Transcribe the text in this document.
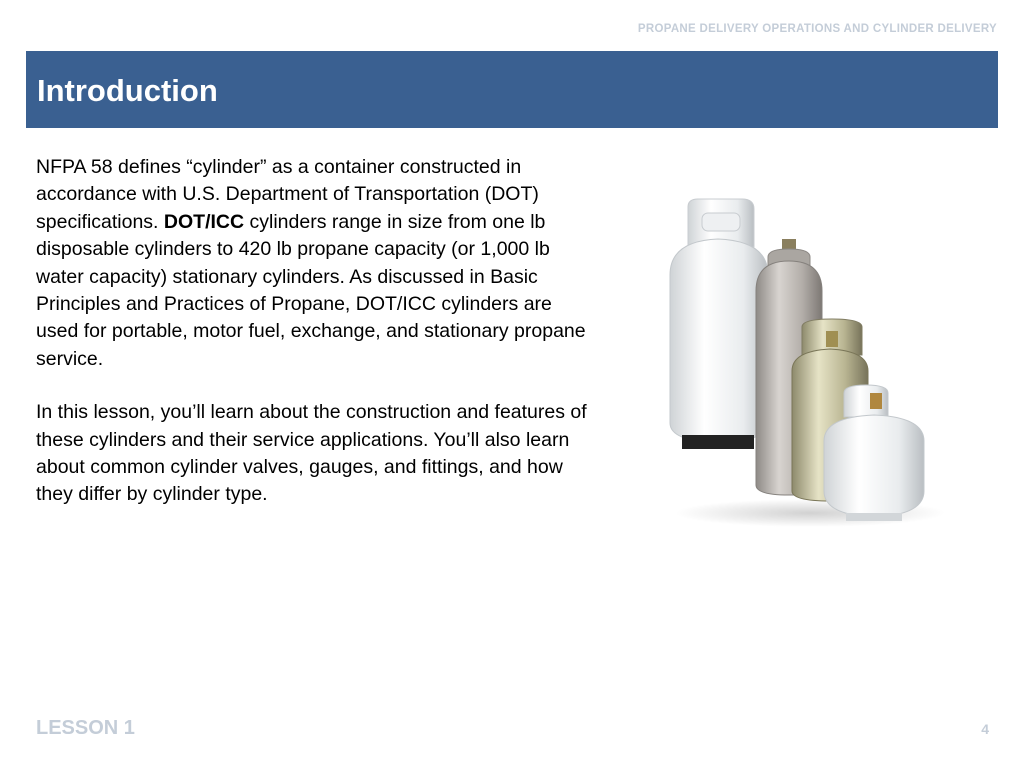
PROPANE DELIVERY OPERATIONS AND CYLINDER DELIVERY
Introduction

NFPA 58 defines “cylinder” as a container constructed in accordance with U.S. Department of Transportation (DOT) specifications. DOT/ICC cylinders range in size from one lb disposable cylinders to 420 lb propane capacity (or 1,000 lb water capacity) stationary cylinders. As discussed in Basic Principles and Practices of Propane, DOT/ICC cylinders are used for portable, motor fuel, exchange, and stationary propane service.

In this lesson, you’ll learn about the construction and features of these cylinders and their service applications. You’ll also learn about common cylinder valves, gauges, and fittings, and how they differ by cylinder type.

LESSON 1	4
